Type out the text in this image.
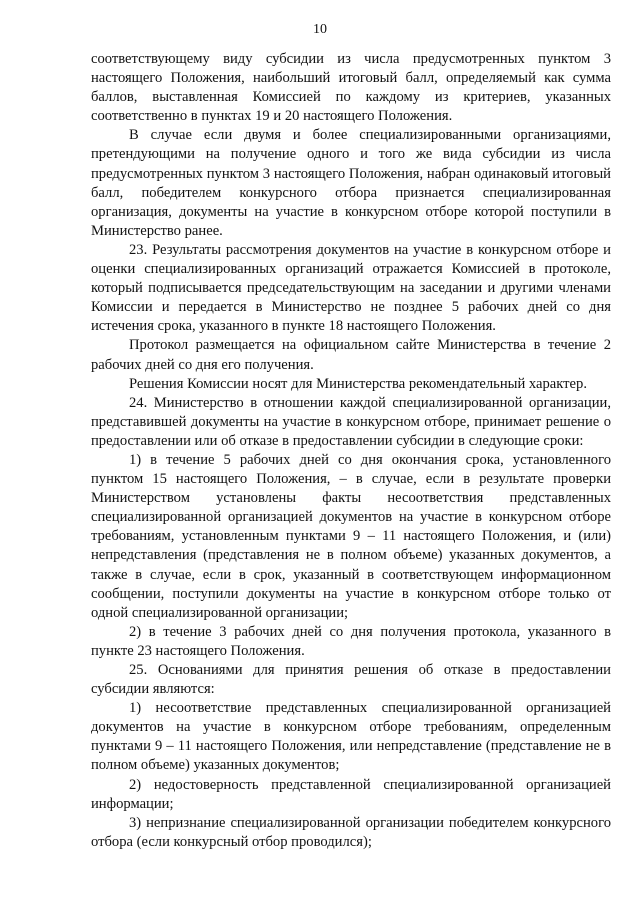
10

соответствующему виду субсидии из числа предусмотренных пунктом 3 настоящего Положения, наибольший итоговый балл, определяемый как сумма баллов, выставленная Комиссией по каждому из критериев, указанных соответственно в пунктах 19 и 20 настоящего Положения.

В случае если двумя и более специализированными организациями, претендующими на получение одного и того же вида субсидии из числа предусмотренных пунктом 3 настоящего Положения, набран одинаковый итоговый балл, победителем конкурсного отбора признается специализированная организация, документы на участие в конкурсном отборе которой поступили в Министерство ранее.

23. Результаты рассмотрения документов на участие в конкурсном отборе и оценки специализированных организаций отражается Комиссией в протоколе, который подписывается председательствующим на заседании и другими членами Комиссии и передается в Министерство не позднее 5 рабочих дней со дня истечения срока, указанного в пункте 18 настоящего Положения.

Протокол размещается на официальном сайте Министерства в течение 2 рабочих дней со дня его получения.

Решения Комиссии носят для Министерства рекомендательный характер.

24. Министерство в отношении каждой специализированной организации, представившей документы на участие в конкурсном отборе, принимает решение о предоставлении или об отказе в предоставлении субсидии в следующие сроки:

1) в течение 5 рабочих дней со дня окончания срока, установленного пунктом 15 настоящего Положения, – в случае, если в результате проверки Министерством установлены факты несоответствия представленных специализированной организацией документов на участие в конкурсном отборе требованиям, установленным пунктами 9 – 11 настоящего Положения, и (или) непредставления (представления не в полном объеме) указанных документов, а также в случае, если в срок, указанный в соответствующем информационном сообщении, поступили документы на участие в конкурсном отборе только от одной специализированной организации;

2) в течение 3 рабочих дней со дня получения протокола, указанного в пункте 23 настоящего Положения.

25. Основаниями для принятия решения об отказе в предоставлении субсидии являются:

1) несоответствие представленных специализированной организацией документов на участие в конкурсном отборе требованиям, определенным пунктами 9 – 11 настоящего Положения, или непредставление (представление не в полном объеме) указанных документов;

2) недостоверность представленной специализированной организацией информации;

3) непризнание специализированной организации победителем конкурсного отбора (если конкурсный отбор проводился);
